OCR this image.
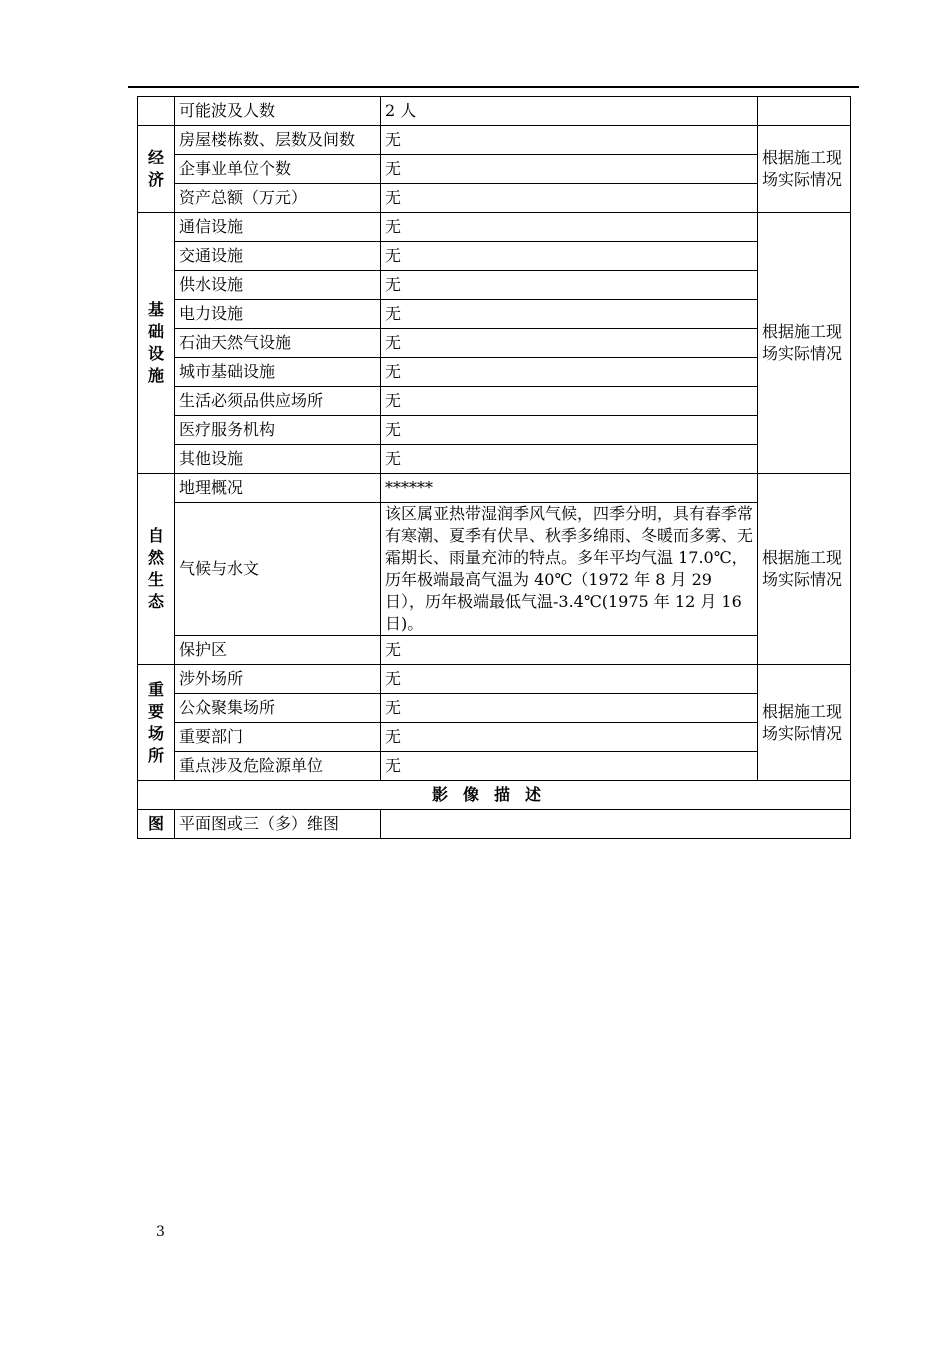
	可能波及人数	2 人	

经
济	房屋楼栋数、层数及间数	无	根据施工现场实际情况
	企事业单位个数	无	
	资产总额（万元）	无	

基
础
设
施	通信设施	无	根据施工现场实际情况
	交通设施	无	
	供水设施	无	
	电力设施	无	
	石油天然气设施	无	
	城市基础设施	无	
	生活必须品供应场所	无	
	医疗服务机构	无	
	其他设施	无	

自
然
生
态	地理概况	******	根据施工现场实际情况
	气候与水文	该区属亚热带湿润季风气候，四季分明，具有春季常有寒潮、夏季有伏旱、秋季多绵雨、冬暖而多雾、无霜期长、雨量充沛的特点。多年平均气温 17.0℃，历年极端最高气温为 40℃（1972 年 8 月 29 日），历年极端最低气温-3.4℃(1975 年 12 月 16 日)。	
	保护区	无	

重
要
场
所	涉外场所	无	根据施工现场实际情况
	公众聚集场所	无	
	重要部门	无	
	重点涉及危险源单位	无	
影像描述			
图	平面图或三（多）维图		
3
